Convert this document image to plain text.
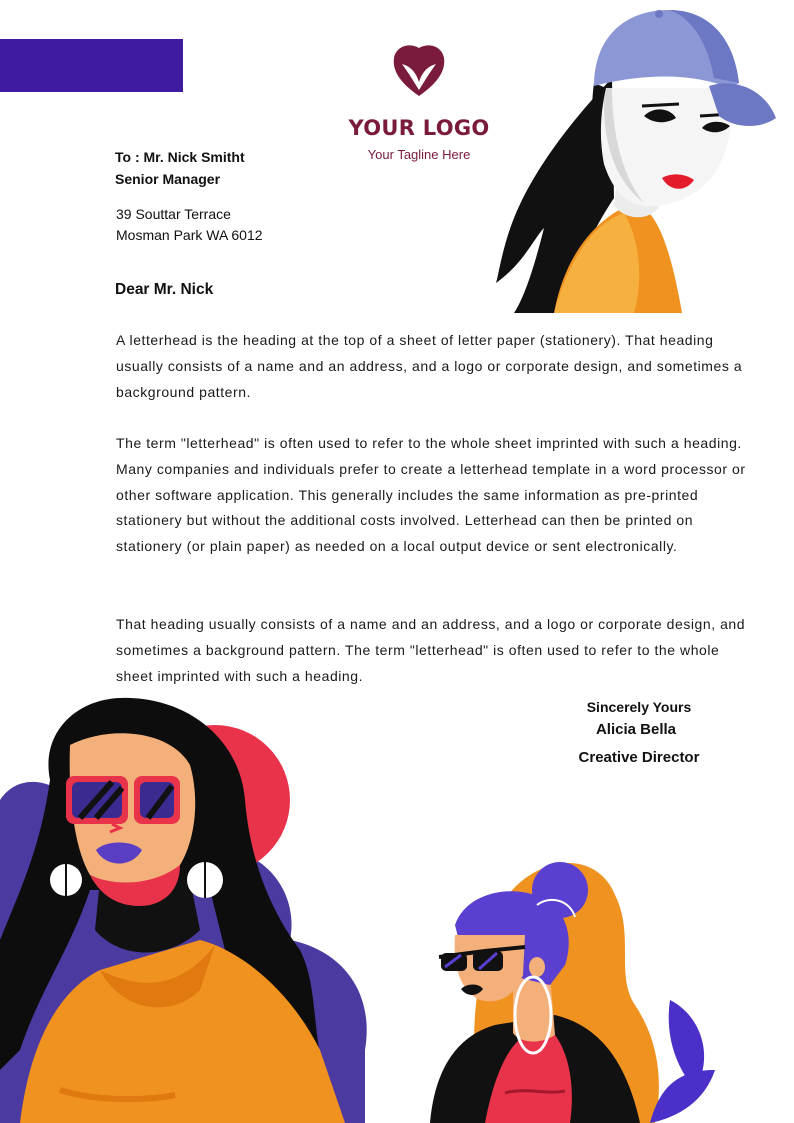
YOUR LOGO
Your Tagline Here
To : Mr. Nick Smitht
Senior Manager
39 Souttar Terrace
Mosman Park WA 6012
Dear Mr. Nick
A letterhead is the heading at the top of a sheet of letter paper (stationery). That heading usually consists of a name and an address, and a logo or corporate design, and sometimes a background pattern.
The term "letterhead" is often used to refer to the whole sheet imprinted with such a heading. Many companies and individuals prefer to create a letterhead template in a word processor or other software application. This generally includes the same information as pre-printed stationery but without the additional costs involved. Letterhead can then be printed on stationery (or plain paper) as needed on a local output device or sent electronically.
That heading usually consists of a name and an address, and a logo or corporate design, and sometimes a background pattern. The term "letterhead" is often used to refer to the whole sheet imprinted with such a heading.
Sincerely Yours
Alicia Bella
Creative Director
